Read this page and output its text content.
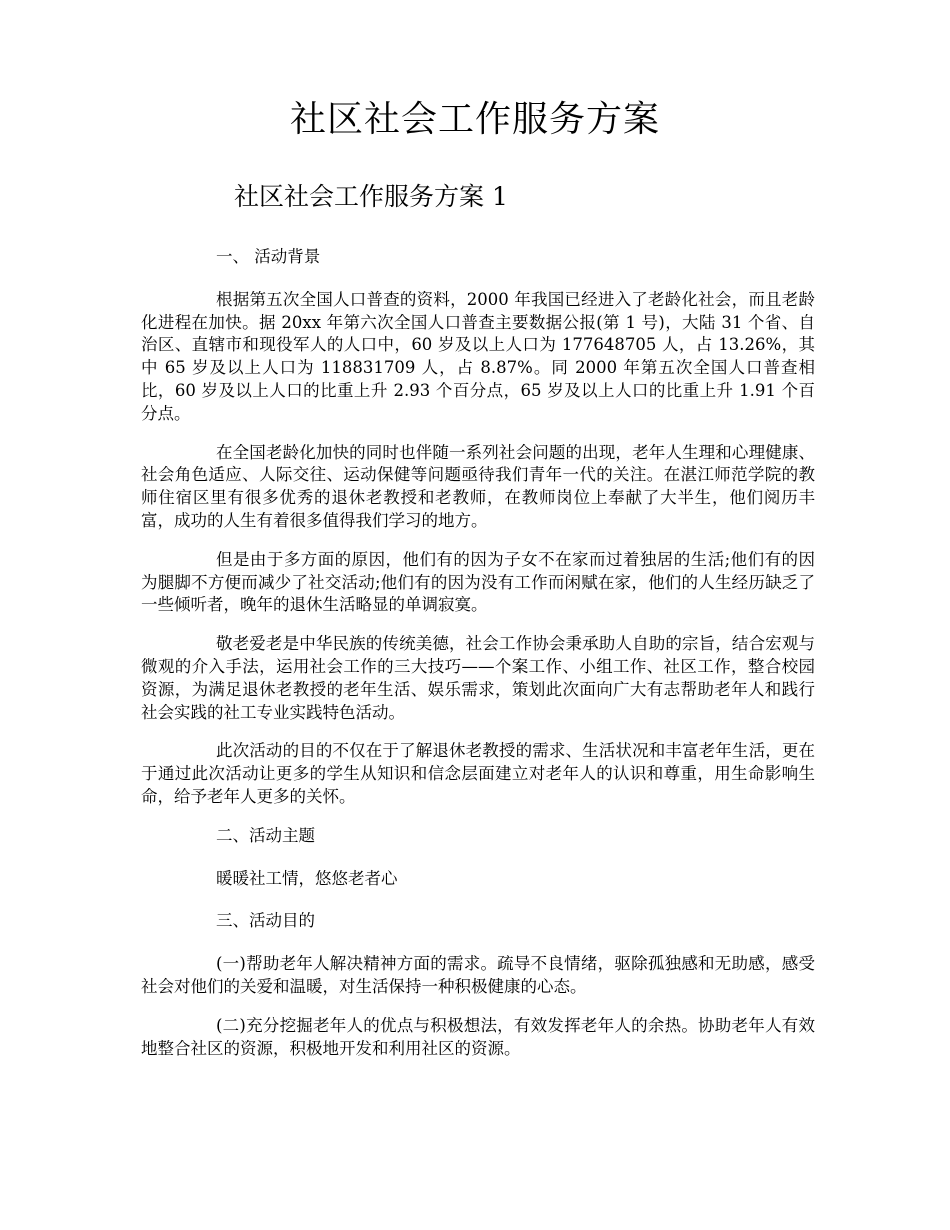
社区社会工作服务方案
社区社会工作服务方案 1

一、 活动背景

根据第五次全国人口普查的资料，2000 年我国已经进入了老龄化社会，而且老龄化进程在加快。据 20xx 年第六次全国人口普查主要数据公报(第 1 号)，大陆 31 个省、自治区、直辖市和现役军人的人口中，60 岁及以上人口为 177648705 人，占 13.26%，其中 65 岁及以上人口为 118831709 人，占 8.87%。同 2000 年第五次全国人口普查相比，60 岁及以上人口的比重上升 2.93 个百分点，65 岁及以上人口的比重上升 1.91 个百分点。

在全国老龄化加快的同时也伴随一系列社会问题的出现，老年人生理和心理健康、社会角色适应、人际交往、运动保健等问题亟待我们青年一代的关注。在湛江师范学院的教师住宿区里有很多优秀的退休老教授和老教师，在教师岗位上奉献了大半生，他们阅历丰富，成功的人生有着很多值得我们学习的地方。

但是由于多方面的原因，他们有的因为子女不在家而过着独居的生活;他们有的因为腿脚不方便而减少了社交活动;他们有的因为没有工作而闲赋在家，他们的人生经历缺乏了一些倾听者，晚年的退休生活略显的单调寂寞。

敬老爱老是中华民族的传统美德，社会工作协会秉承助人自助的宗旨，结合宏观与微观的介入手法，运用社会工作的三大技巧——个案工作、小组工作、社区工作，整合校园资源，为满足退休老教授的老年生活、娱乐需求，策划此次面向广大有志帮助老年人和践行社会实践的社工专业实践特色活动。

此次活动的目的不仅在于了解退休老教授的需求、生活状况和丰富老年生活，更在于通过此次活动让更多的学生从知识和信念层面建立对老年人的认识和尊重，用生命影响生命，给予老年人更多的关怀。

二、活动主题

暖暖社工情，悠悠老者心

三、活动目的

(一)帮助老年人解决精神方面的需求。疏导不良情绪，驱除孤独感和无助感，感受社会对他们的关爱和温暖，对生活保持一种积极健康的心态。

(二)充分挖掘老年人的优点与积极想法，有效发挥老年人的余热。协助老年人有效地整合社区的资源，积极地开发和利用社区的资源。
